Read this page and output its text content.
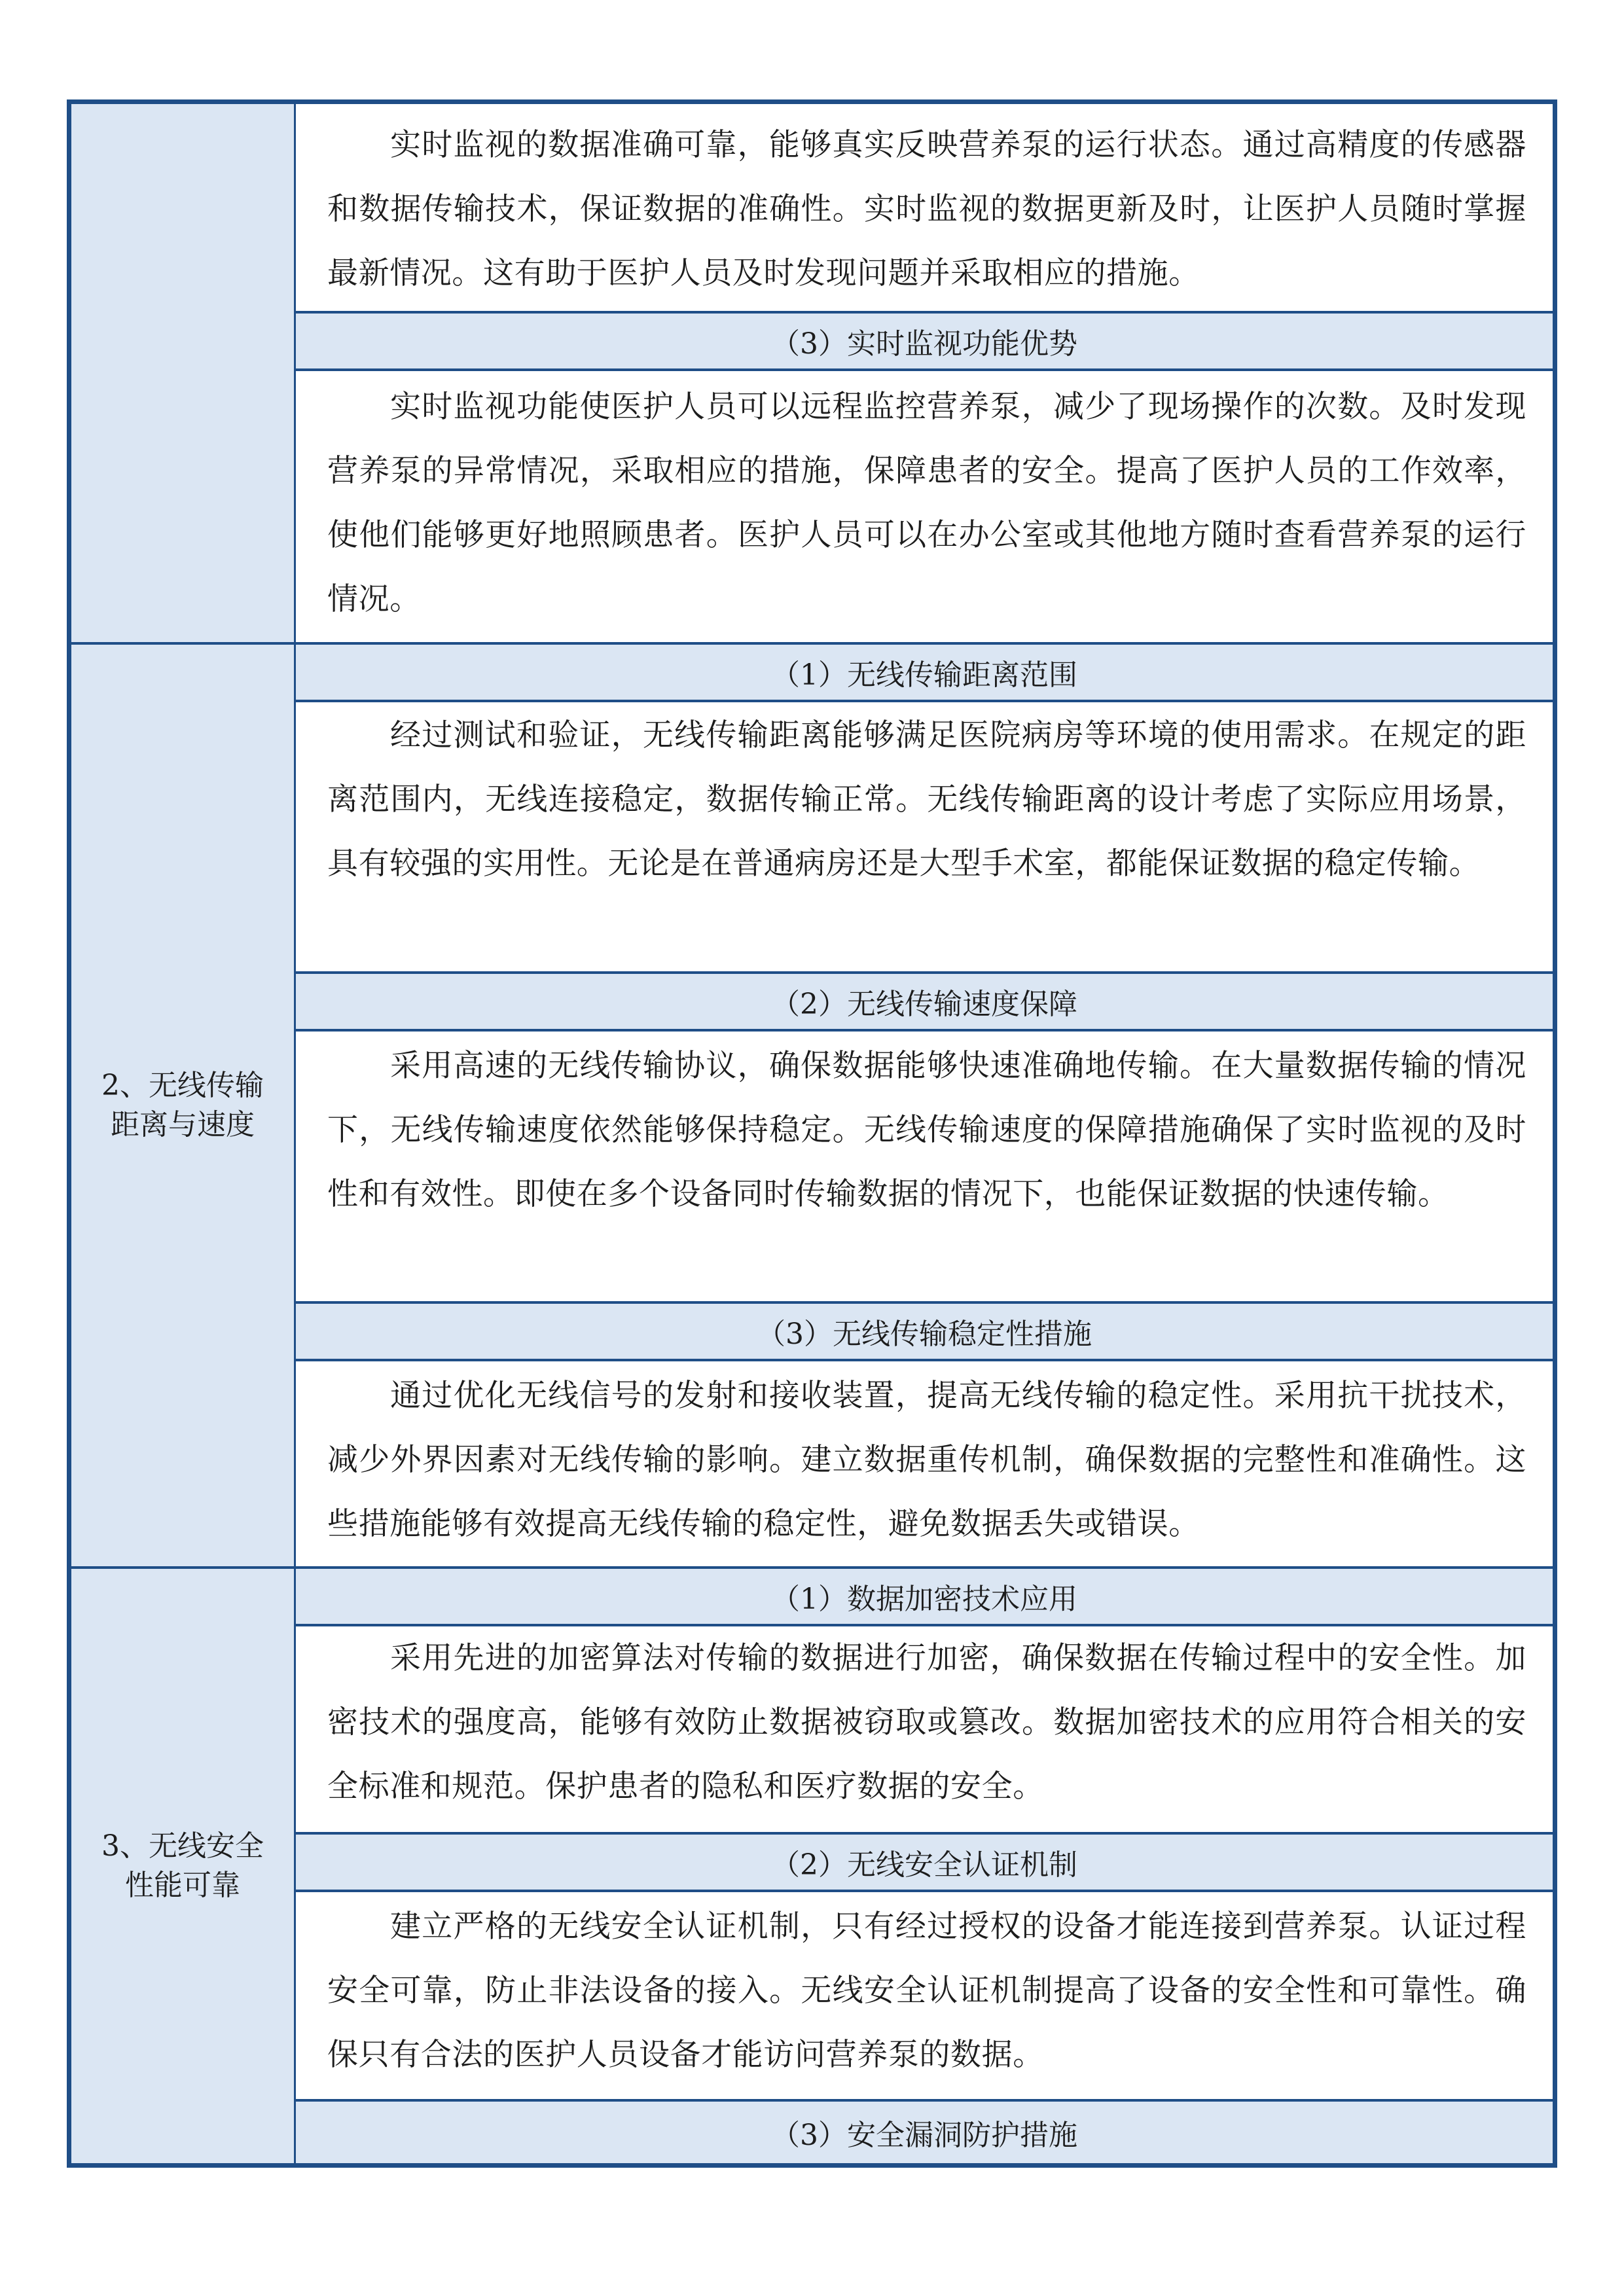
实时监视的数据准确可靠，能够真实反映营养泵的运行状态。通过高精度的传感器和数据传输技术，保证数据的准确性。实时监视的数据更新及时，让医护人员随时掌握最新情况。这有助于医护人员及时发现问题并采取相应的措施。
（3）实时监视功能优势
实时监视功能使医护人员可以远程监控营养泵，减少了现场操作的次数。及时发现营养泵的异常情况，采取相应的措施，保障患者的安全。提高了医护人员的工作效率，使他们能够更好地照顾患者。医护人员可以在办公室或其他地方随时查看营养泵的运行情况。
2、无线传输距离与速度
（1）无线传输距离范围
经过测试和验证，无线传输距离能够满足医院病房等环境的使用需求。在规定的距离范围内，无线连接稳定，数据传输正常。无线传输距离的设计考虑了实际应用场景，具有较强的实用性。无论是在普通病房还是大型手术室，都能保证数据的稳定传输。
（2）无线传输速度保障
采用高速的无线传输协议，确保数据能够快速准确地传输。在大量数据传输的情况下，无线传输速度依然能够保持稳定。无线传输速度的保障措施确保了实时监视的及时性和有效性。即使在多个设备同时传输数据的情况下，也能保证数据的快速传输。
（3）无线传输稳定性措施
通过优化无线信号的发射和接收装置，提高无线传输的稳定性。采用抗干扰技术，减少外界因素对无线传输的影响。建立数据重传机制，确保数据的完整性和准确性。这些措施能够有效提高无线传输的稳定性，避免数据丢失或错误。
3、无线安全性能可靠
（1）数据加密技术应用
采用先进的加密算法对传输的数据进行加密，确保数据在传输过程中的安全性。加密技术的强度高，能够有效防止数据被窃取或篡改。数据加密技术的应用符合相关的安全标准和规范。保护患者的隐私和医疗数据的安全。
（2）无线安全认证机制
建立严格的无线安全认证机制，只有经过授权的设备才能连接到营养泵。认证过程安全可靠，防止非法设备的接入。无线安全认证机制提高了设备的安全性和可靠性。确保只有合法的医护人员设备才能访问营养泵的数据。
（3）安全漏洞防护措施
